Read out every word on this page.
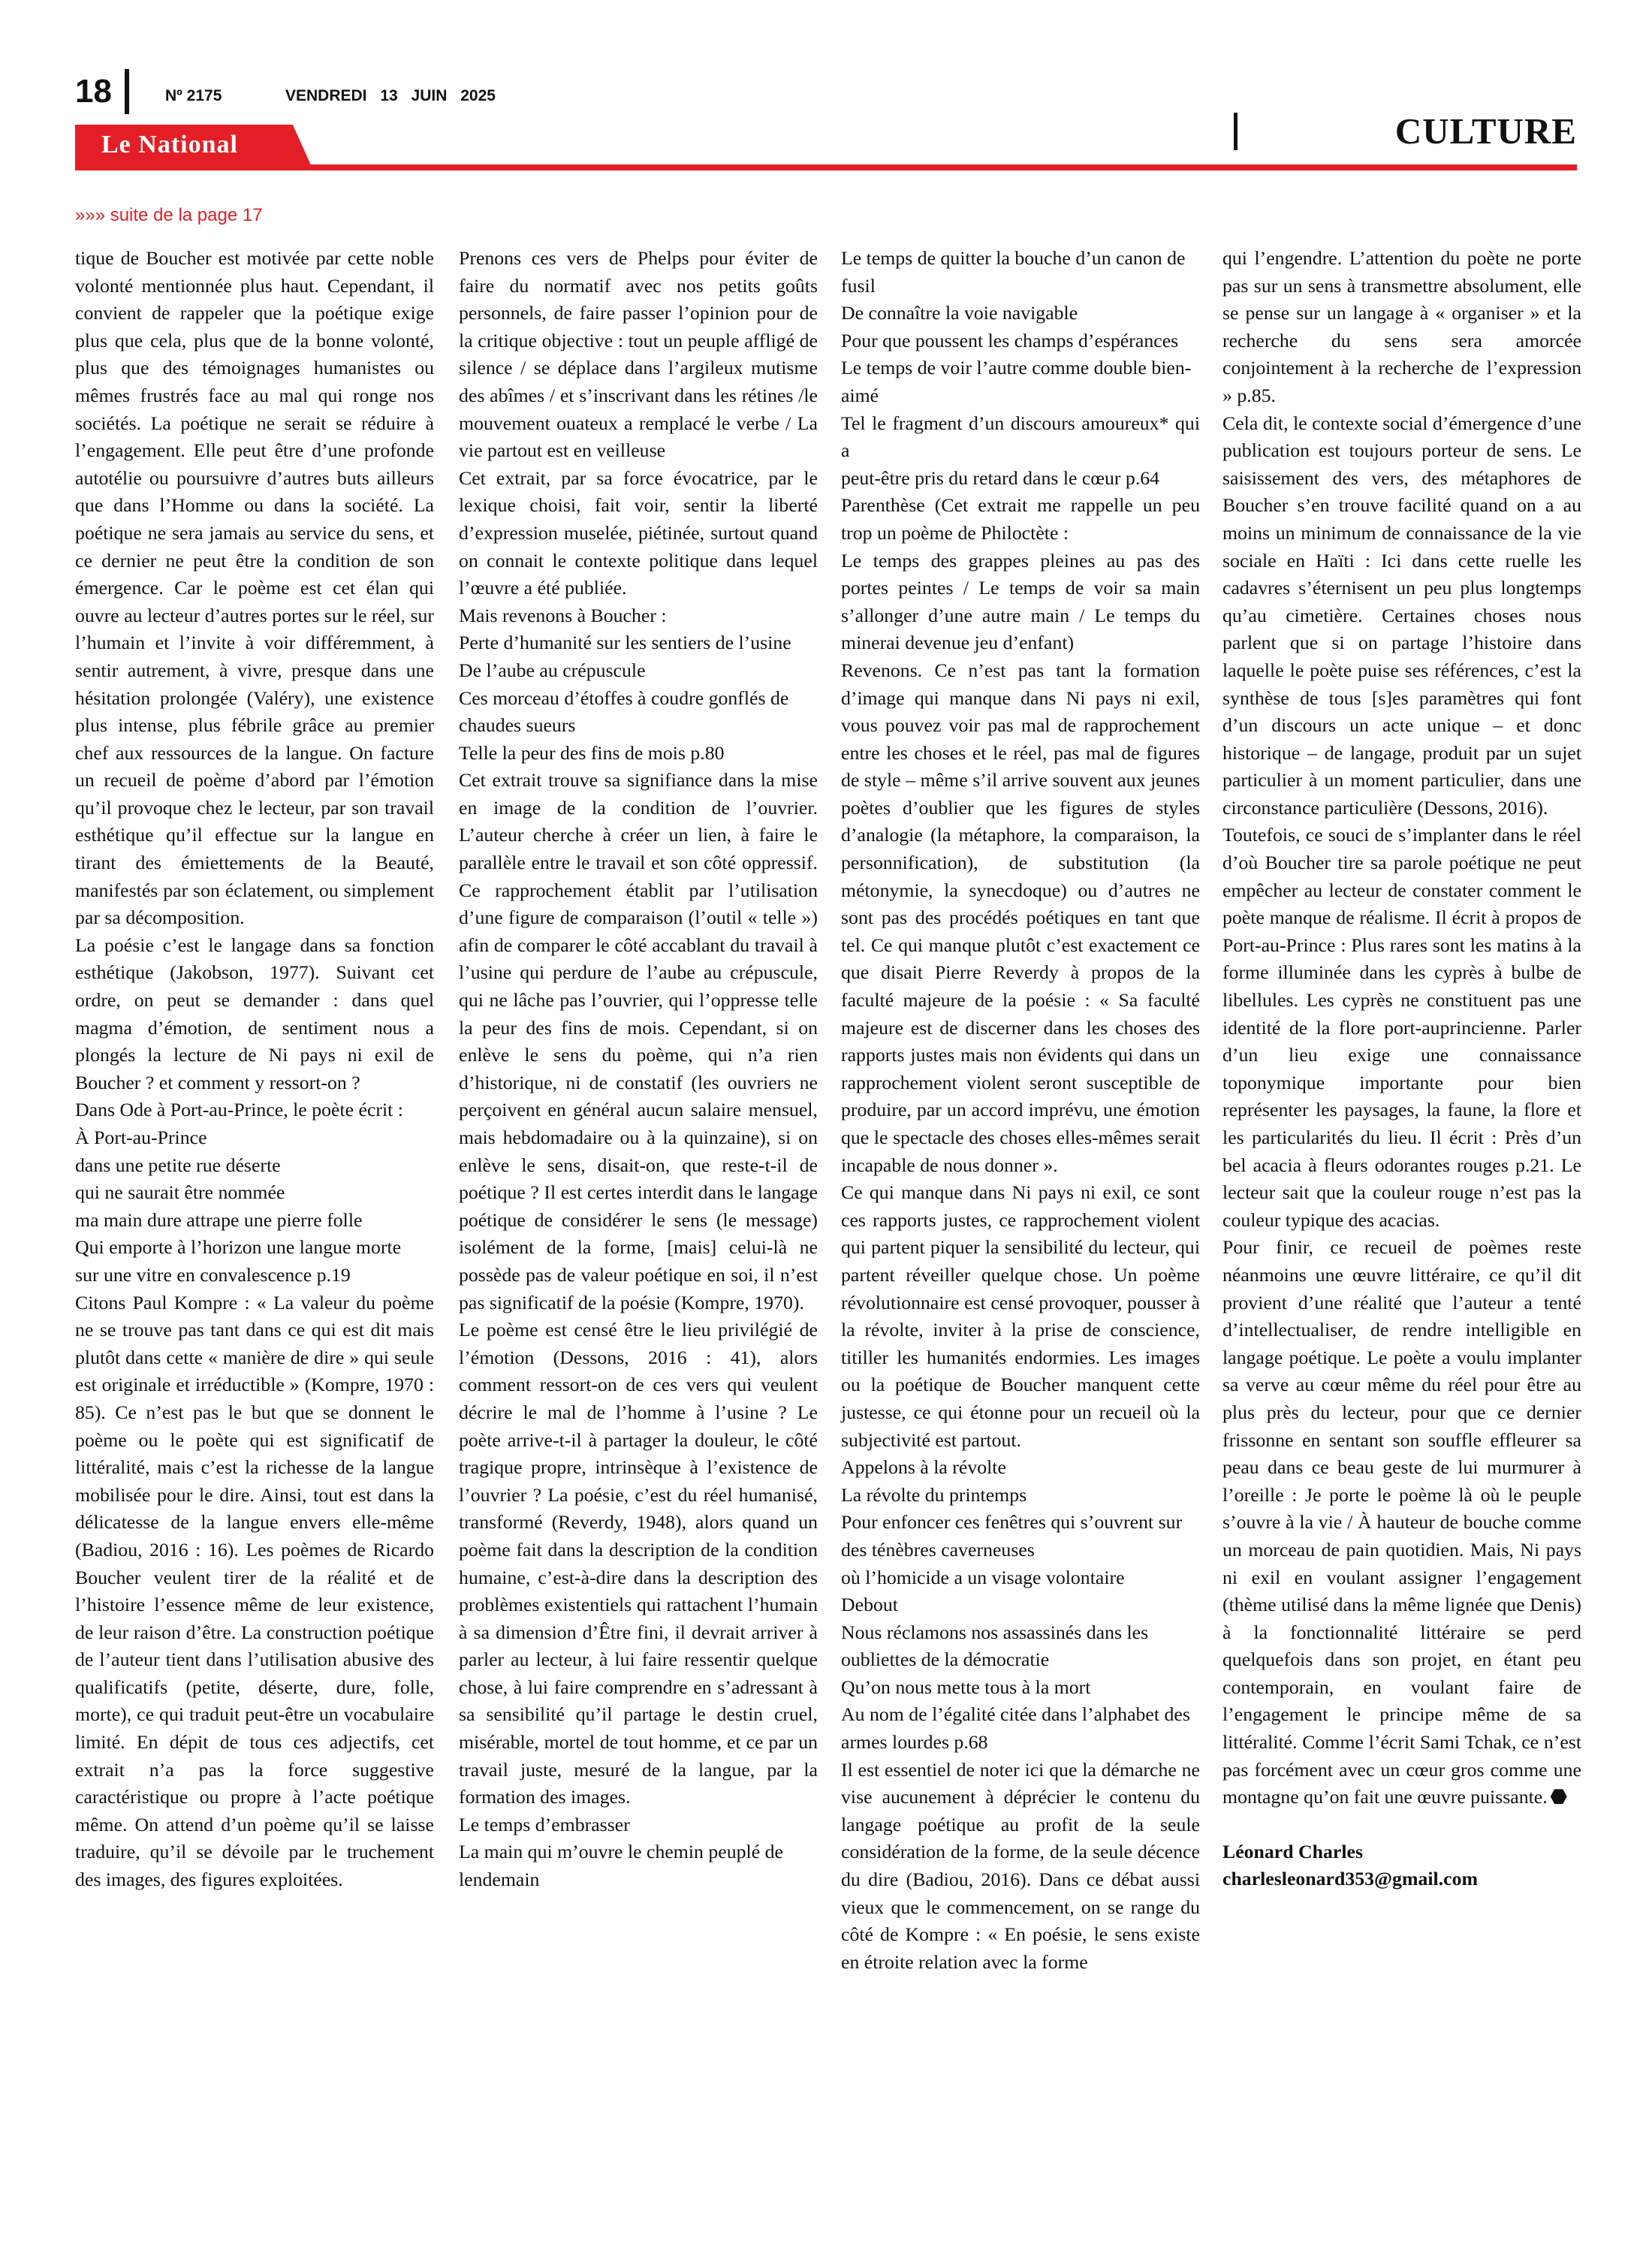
18	Nº 2175	VENDREDI 13 JUIN 2025
Le National	CULTURE
»»» suite de la page 17

tique de Boucher est motivée par cette noble volonté mentionnée plus haut. Cependant, il convient de rappeler que la poétique exige plus que cela, plus que de la bonne volonté, plus que des témoignages humanistes ou mêmes frustrés face au mal qui ronge nos sociétés. La poétique ne serait se réduire à l’engagement. Elle peut être d’une profonde autotélie ou poursuivre d’autres buts ailleurs que dans l’Homme ou dans la société. La poétique ne sera jamais au service du sens, et ce dernier ne peut être la condition de son émergence. Car le poème est cet élan qui ouvre au lecteur d’autres portes sur le réel, sur l’humain et l’invite à voir différemment, à sentir autrement, à vivre, presque dans une hésitation prolongée (Valéry), une existence plus intense, plus fébrile grâce au premier chef aux ressources de la langue. On facture un recueil de poème d’abord par l’émotion qu’il provoque chez le lecteur, par son travail esthétique qu’il effectue sur la langue en tirant des émiettements de la Beauté, manifestés par son éclatement, ou simplement par sa décomposition.

La poésie c’est le langage dans sa fonction esthétique (Jakobson, 1977). Suivant cet ordre, on peut se demander : dans quel magma d’émotion, de sentiment nous a plongés la lecture de Ni pays ni exil de Boucher ? et comment y ressort-on ?

Dans Ode à Port-au-Prince, le poète écrit :

À Port-au-Prince

dans une petite rue déserte

qui ne saurait être nommée

ma main dure attrape une pierre folle

Qui emporte à l’horizon une langue morte

sur une vitre en convalescence p.19

Citons Paul Kompre : « La valeur du poème ne se trouve pas tant dans ce qui est dit mais plutôt dans cette « manière de dire » qui seule est originale et irréductible » (Kompre, 1970 : 85). Ce n’est pas le but que se donnent le poème ou le poète qui est significatif de littéralité, mais c’est la richesse de la langue mobilisée pour le dire. Ainsi, tout est dans la délicatesse de la langue envers elle-même (Badiou, 2016 : 16). Les poèmes de Ricardo Boucher veulent tirer de la réalité et de l’histoire l’essence même de leur existence, de leur raison d’être. La construction poétique de l’auteur tient dans l’utilisation abusive des qualificatifs (petite, déserte, dure, folle, morte), ce qui traduit peut-être un vocabulaire limité. En dépit de tous ces adjectifs, cet extrait n’a pas la force suggestive caractéristique ou propre à l’acte poétique même. On attend d’un poème qu’il se laisse traduire, qu’il se dévoile par le truchement des images, des figures exploitées.

Prenons ces vers de Phelps pour éviter de faire du normatif avec nos petits goûts personnels, de faire passer l’opinion pour de la critique objective : tout un peuple affligé de silence / se déplace dans l’argileux mutisme des abîmes / et s’inscrivant dans les rétines /le mouvement ouateux a remplacé le verbe / La vie partout est en veilleuse

Cet extrait, par sa force évocatrice, par le lexique choisi, fait voir, sentir la liberté d’expression muselée, piétinée, surtout quand on connait le contexte politique dans lequel l’œuvre a été publiée.

Mais revenons à Boucher :

Perte d’humanité sur les sentiers de l’usine

De l’aube au crépuscule

Ces morceau d’étoffes à coudre gonflés de

chaudes sueurs

Telle la peur des fins de mois p.80

Cet extrait trouve sa signifiance dans la mise en image de la condition de l’ouvrier. L’auteur cherche à créer un lien, à faire le parallèle entre le travail et son côté oppressif. Ce rapprochement établit par l’utilisation d’une figure de comparaison (l’outil « telle ») afin de comparer le côté accablant du travail à l’usine qui perdure de l’aube au crépuscule, qui ne lâche pas l’ouvrier, qui l’oppresse telle la peur des fins de mois. Cependant, si on enlève le sens du poème, qui n’a rien d’historique, ni de constatif (les ouvriers ne perçoivent en général aucun salaire mensuel, mais hebdomadaire ou à la quinzaine), si on enlève le sens, disait-on, que reste-t-il de poétique ? Il est certes interdit dans le langage poétique de considérer le sens (le message) isolément de la forme, [mais] celui-là ne possède pas de valeur poétique en soi, il n’est pas significatif de la poésie (Kompre, 1970).

Le poème est censé être le lieu privilégié de l’émotion (Dessons, 2016 : 41), alors comment ressort-on de ces vers qui veulent décrire le mal de l’homme à l’usine ? Le poète arrive-t-il à partager la douleur, le côté tragique propre, intrinsèque à l’existence de l’ouvrier ? La poésie, c’est du réel humanisé, transformé (Reverdy, 1948), alors quand un poème fait dans la description de la condition humaine, c’est-à-dire dans la description des problèmes existentiels qui rattachent l’humain à sa dimension d’Être fini, il devrait arriver à parler au lecteur, à lui faire ressentir quelque chose, à lui faire comprendre en s’adressant à sa sensibilité qu’il partage le destin cruel, misérable, mortel de tout homme, et ce par un travail juste, mesuré de la langue, par la formation des images.

Le temps d’embrasser

La main qui m’ouvre le chemin peuplé de lendemain

Le temps de quitter la bouche d’un canon de fusil

De connaître la voie navigable

Pour que poussent les champs d’espérances

Le temps de voir l’autre comme double bien-aimé

Tel le fragment d’un discours amoureux* qui a

peut-être pris du retard dans le cœur p.64

Parenthèse (Cet extrait me rappelle un peu trop un poème de Philoctète :

Le temps des grappes pleines au pas des portes peintes / Le temps de voir sa main s’allonger d’une autre main / Le temps du minerai devenue jeu d’enfant)

Revenons. Ce n’est pas tant la formation d’image qui manque dans Ni pays ni exil, vous pouvez voir pas mal de rapprochement entre les choses et le réel, pas mal de figures de style – même s’il arrive souvent aux jeunes poètes d’oublier que les figures de styles d’analogie (la métaphore, la comparaison, la personnification), de substitution (la métonymie, la synecdoque) ou d’autres ne sont pas des procédés poétiques en tant que tel. Ce qui manque plutôt c’est exactement ce que disait Pierre Reverdy à propos de la faculté majeure de la poésie : « Sa faculté majeure est de discerner dans les choses des rapports justes mais non évidents qui dans un rapprochement violent seront susceptible de produire, par un accord imprévu, une émotion que le spectacle des choses elles-mêmes serait incapable de nous donner ».

Ce qui manque dans Ni pays ni exil, ce sont ces rapports justes, ce rapprochement violent qui partent piquer la sensibilité du lecteur, qui partent réveiller quelque chose. Un poème révolutionnaire est censé provoquer, pousser à la révolte, inviter à la prise de conscience, titiller les humanités endormies. Les images ou la poétique de Boucher manquent cette justesse, ce qui étonne pour un recueil où la subjectivité est partout.

Appelons à la révolte

La révolte du printemps

Pour enfoncer ces fenêtres qui s’ouvrent sur des ténèbres caverneuses

où l’homicide a un visage volontaire

Debout

Nous réclamons nos assassinés dans les oubliettes de la démocratie

Qu’on nous mette tous à la mort

Au nom de l’égalité citée dans l’alphabet des armes lourdes p.68

Il est essentiel de noter ici que la démarche ne vise aucunement à déprécier le contenu du langage poétique au profit de la seule considération de la forme, de la seule décence du dire (Badiou, 2016). Dans ce débat aussi vieux que le commencement, on se range du côté de Kompre : « En poésie, le sens existe en étroite relation avec la forme

qui l’engendre. L’attention du poète ne porte pas sur un sens à transmettre absolument, elle se pense sur un langage à « organiser » et la recherche du sens sera amorcée conjointement à la recherche de l’expression » p.85.

Cela dit, le contexte social d’émergence d’une publication est toujours porteur de sens. Le saisissement des vers, des métaphores de Boucher s’en trouve facilité quand on a au moins un minimum de connaissance de la vie sociale en Haïti : Ici dans cette ruelle les cadavres s’éternisent un peu plus longtemps qu’au cimetière. Certaines choses nous parlent que si on partage l’histoire dans laquelle le poète puise ses références, c’est la synthèse de tous [s]es paramètres qui font d’un discours un acte unique – et donc historique – de langage, produit par un sujet particulier à un moment particulier, dans une circonstance particulière (Dessons, 2016).

Toutefois, ce souci de s’implanter dans le réel d’où Boucher tire sa parole poétique ne peut empêcher au lecteur de constater comment le poète manque de réalisme. Il écrit à propos de Port-au-Prince : Plus rares sont les matins à la forme illuminée dans les cyprès à bulbe de libellules. Les cyprès ne constituent pas une identité de la flore port-auprincienne. Parler d’un lieu exige une connaissance toponymique importante pour bien représenter les paysages, la faune, la flore et les particularités du lieu. Il écrit : Près d’un bel acacia à fleurs odorantes rouges p.21. Le lecteur sait que la couleur rouge n’est pas la couleur typique des acacias.

Pour finir, ce recueil de poèmes reste néanmoins une œuvre littéraire, ce qu’il dit provient d’une réalité que l’auteur a tenté d’intellectualiser, de rendre intelligible en langage poétique. Le poète a voulu implanter sa verve au cœur même du réel pour être au plus près du lecteur, pour que ce dernier frissonne en sentant son souffle effleurer sa peau dans ce beau geste de lui murmurer à l’oreille : Je porte le poème là où le peuple s’ouvre à la vie / À hauteur de bouche comme un morceau de pain quotidien. Mais, Ni pays ni exil en voulant assigner l’engagement (thème utilisé dans la même lignée que Denis) à la fonctionnalité littéraire se perd quelquefois dans son projet, en étant peu contemporain, en voulant faire de l’engagement le principe même de sa littéralité. Comme l’écrit Sami Tchak, ce n’est pas forcément avec un cœur gros comme une montagne qu’on fait une œuvre puissante.

Léonard Charles
charlesleonard353@gmail.com
